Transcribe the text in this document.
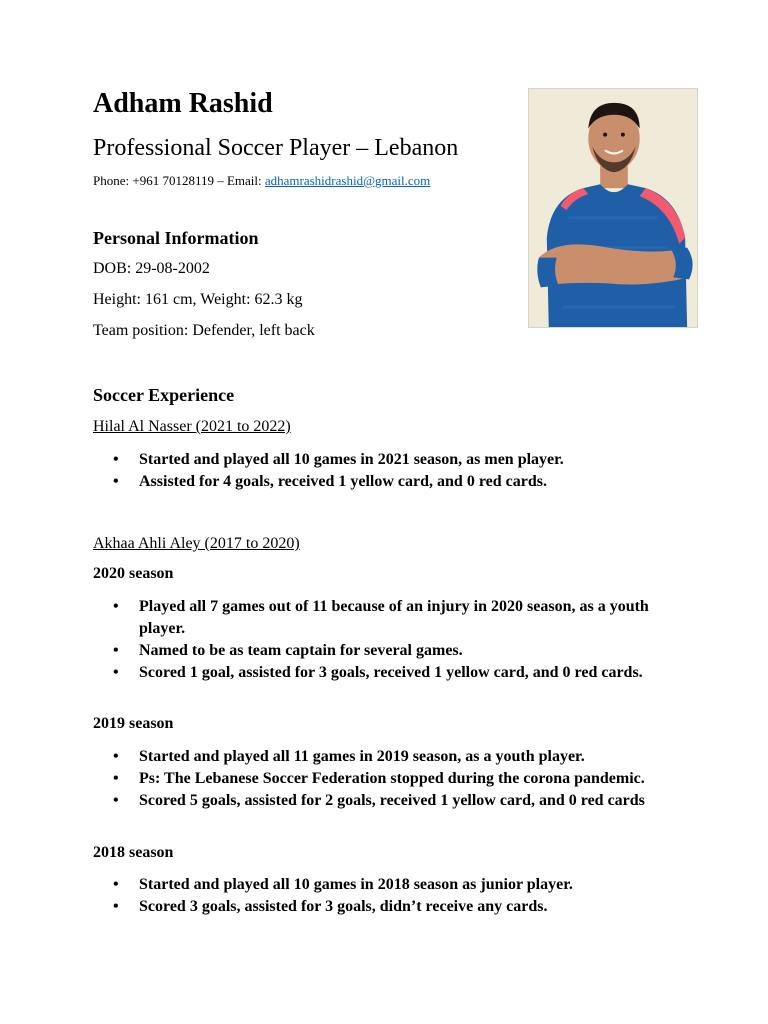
Adham Rashid
Professional Soccer Player – Lebanon
Phone: +961 70128119 – Email: adhamrashidrashid@gmail.com
Personal Information
DOB: 29-08-2002
Height: 161 cm, Weight: 62.3 kg
Team position: Defender, left back
Soccer Experience
Hilal Al Nasser (2021 to 2022)
• Started and played all 10 games in 2021 season, as men player.
• Assisted for 4 goals, received 1 yellow card, and 0 red cards.
Akhaa Ahli Aley (2017 to 2020)
2020 season
• Played all 7 games out of 11 because of an injury in 2020 season, as a youth player.
• Named to be as team captain for several games.
• Scored 1 goal, assisted for 3 goals, received 1 yellow card, and 0 red cards.
2019 season
• Started and played all 11 games in 2019 season, as a youth player.
• Ps: The Lebanese Soccer Federation stopped during the corona pandemic.
• Scored 5 goals, assisted for 2 goals, received 1 yellow card, and 0 red cards
2018 season
• Started and played all 10 games in 2018 season as junior player.
• Scored 3 goals, assisted for 3 goals, didn’t receive any cards.
